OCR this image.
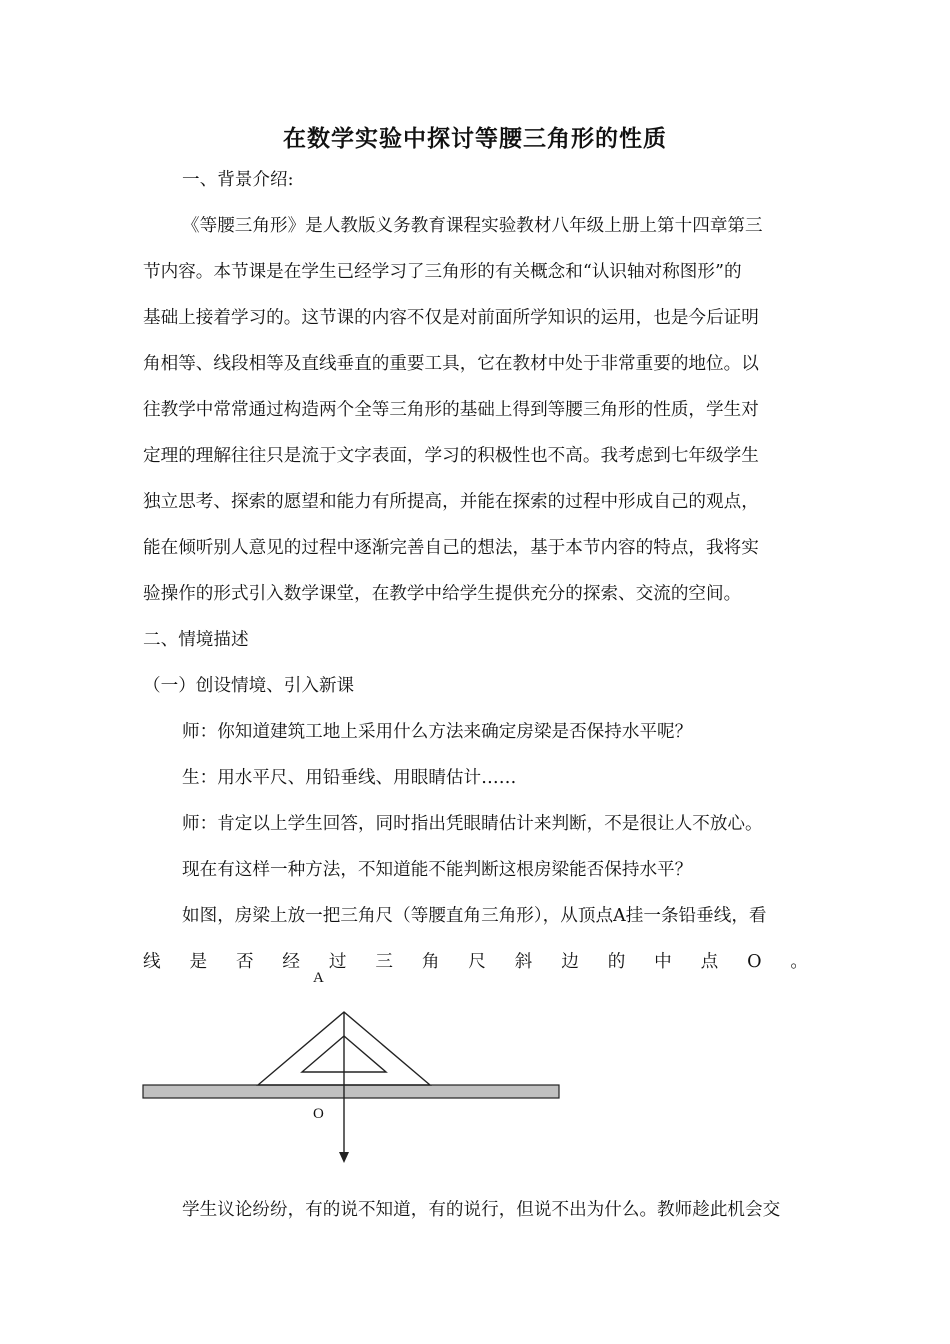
在数学实验中探讨等腰三角形的性质
一、背景介绍:
《等腰三角形》是人教版义务教育课程实验教材八年级上册上第十四章第三
节内容。本节课是在学生已经学习了三角形的有关概念和“认识轴对称图形”的
基础上接着学习的。这节课的内容不仅是对前面所学知识的运用，也是今后证明
角相等、线段相等及直线垂直的重要工具，它在教材中处于非常重要的地位。以
往教学中常常通过构造两个全等三角形的基础上得到等腰三角形的性质，学生对
定理的理解往往只是流于文字表面，学习的积极性也不高。我考虑到七年级学生
独立思考、探索的愿望和能力有所提高，并能在探索的过程中形成自己的观点，
能在倾听别人意见的过程中逐渐完善自己的想法，基于本节内容的特点，我将实
验操作的形式引入数学课堂，在教学中给学生提供充分的探索、交流的空间。
二、情境描述
（一）创设情境、引入新课
师：你知道建筑工地上采用什么方法来确定房梁是否保持水平呢？
生：用水平尺、用铅垂线、用眼睛估计……
师：肯定以上学生回答，同时指出凭眼睛估计来判断，不是很让人不放心。
现在有这样一种方法，不知道能不能判断这根房梁能否保持水平？
如图，房梁上放一把三角尺（等腰直角三角形），从顶点A挂一条铅垂线，看
线 是 否 经 过 三 角 尺 斜 边 的 中 点 O 。
A
O
学生议论纷纷，有的说不知道，有的说行，但说不出为什么。教师趁此机会交
